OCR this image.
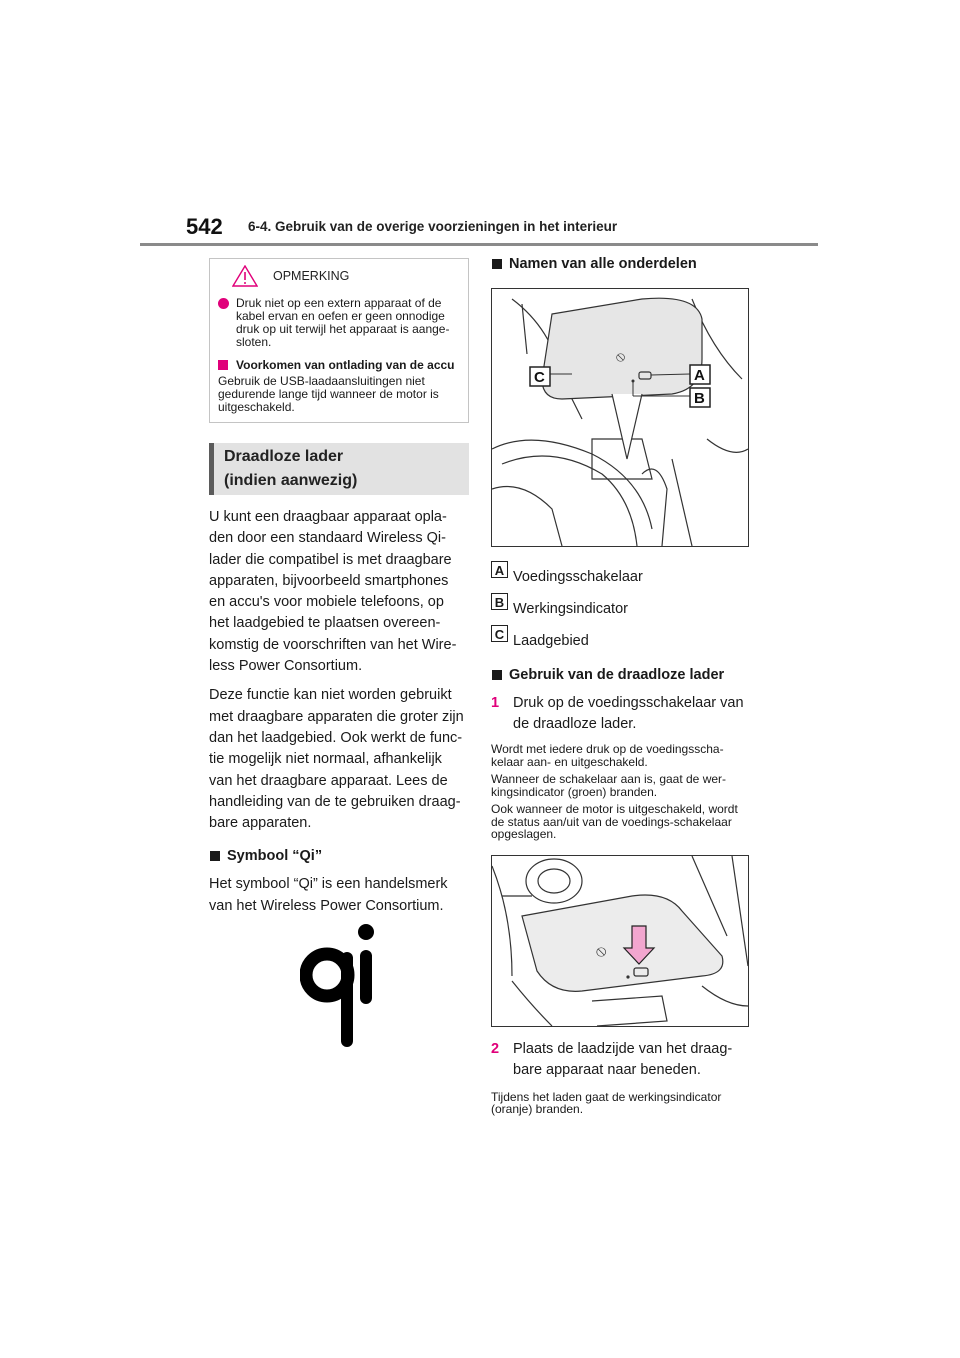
542 6-4. Gebruik van de overige voorzieningen in het interieur
OPMERKING
Druk niet op een extern apparaat of de kabel ervan en oefen er geen onnodige druk op uit terwijl het apparaat is aange-sloten.
Voorkomen van ontlading van de accu
Gebruik de USB-laadaansluitingen niet gedurende lange tijd wanneer de motor is uitgeschakeld.
Draadloze lader
(indien aanwezig)

U kunt een draagbaar apparaat opla-den door een standaard Wireless Qi-lader die compatibel is met draagbare apparaten, bijvoorbeeld smartphones en accu's voor mobiele telefoons, op het laadgebied te plaatsen overeen-komstig de voorschriften van het Wire-less Power Consortium.

Deze functie kan niet worden gebruikt met draagbare apparaten die groter zijn dan het laadgebied. Ook werkt de func-tie mogelijk niet normaal, afhankelijk van het draagbare apparaat. Lees de handleiding van de te gebruiken draag-bare apparaten.

Symbool “Qi”

Het symbool “Qi” is een handelsmerk van het Wireless Power Consortium.

Namen van alle onderdelen
⦸
C	A
B
A Voedingsschakelaar
B Werkingsindicator
C Laadgebied
Gebruik van de draadloze lader
1 Druk op de voedingsschakelaar van de draadloze lader.
Wordt met iedere druk op de voedingsscha-kelaar aan- en uitgeschakeld.
Wanneer de schakelaar aan is, gaat de wer-kingsindicator (groen) branden.
Ook wanneer de motor is uitgeschakeld, wordt de status aan/uit van de voedings-schakelaar opgeslagen.
⦸
2 Plaats de laadzijde van het draag-bare apparaat naar beneden.
Tijdens het laden gaat de werkingsindicator (oranje) branden.
